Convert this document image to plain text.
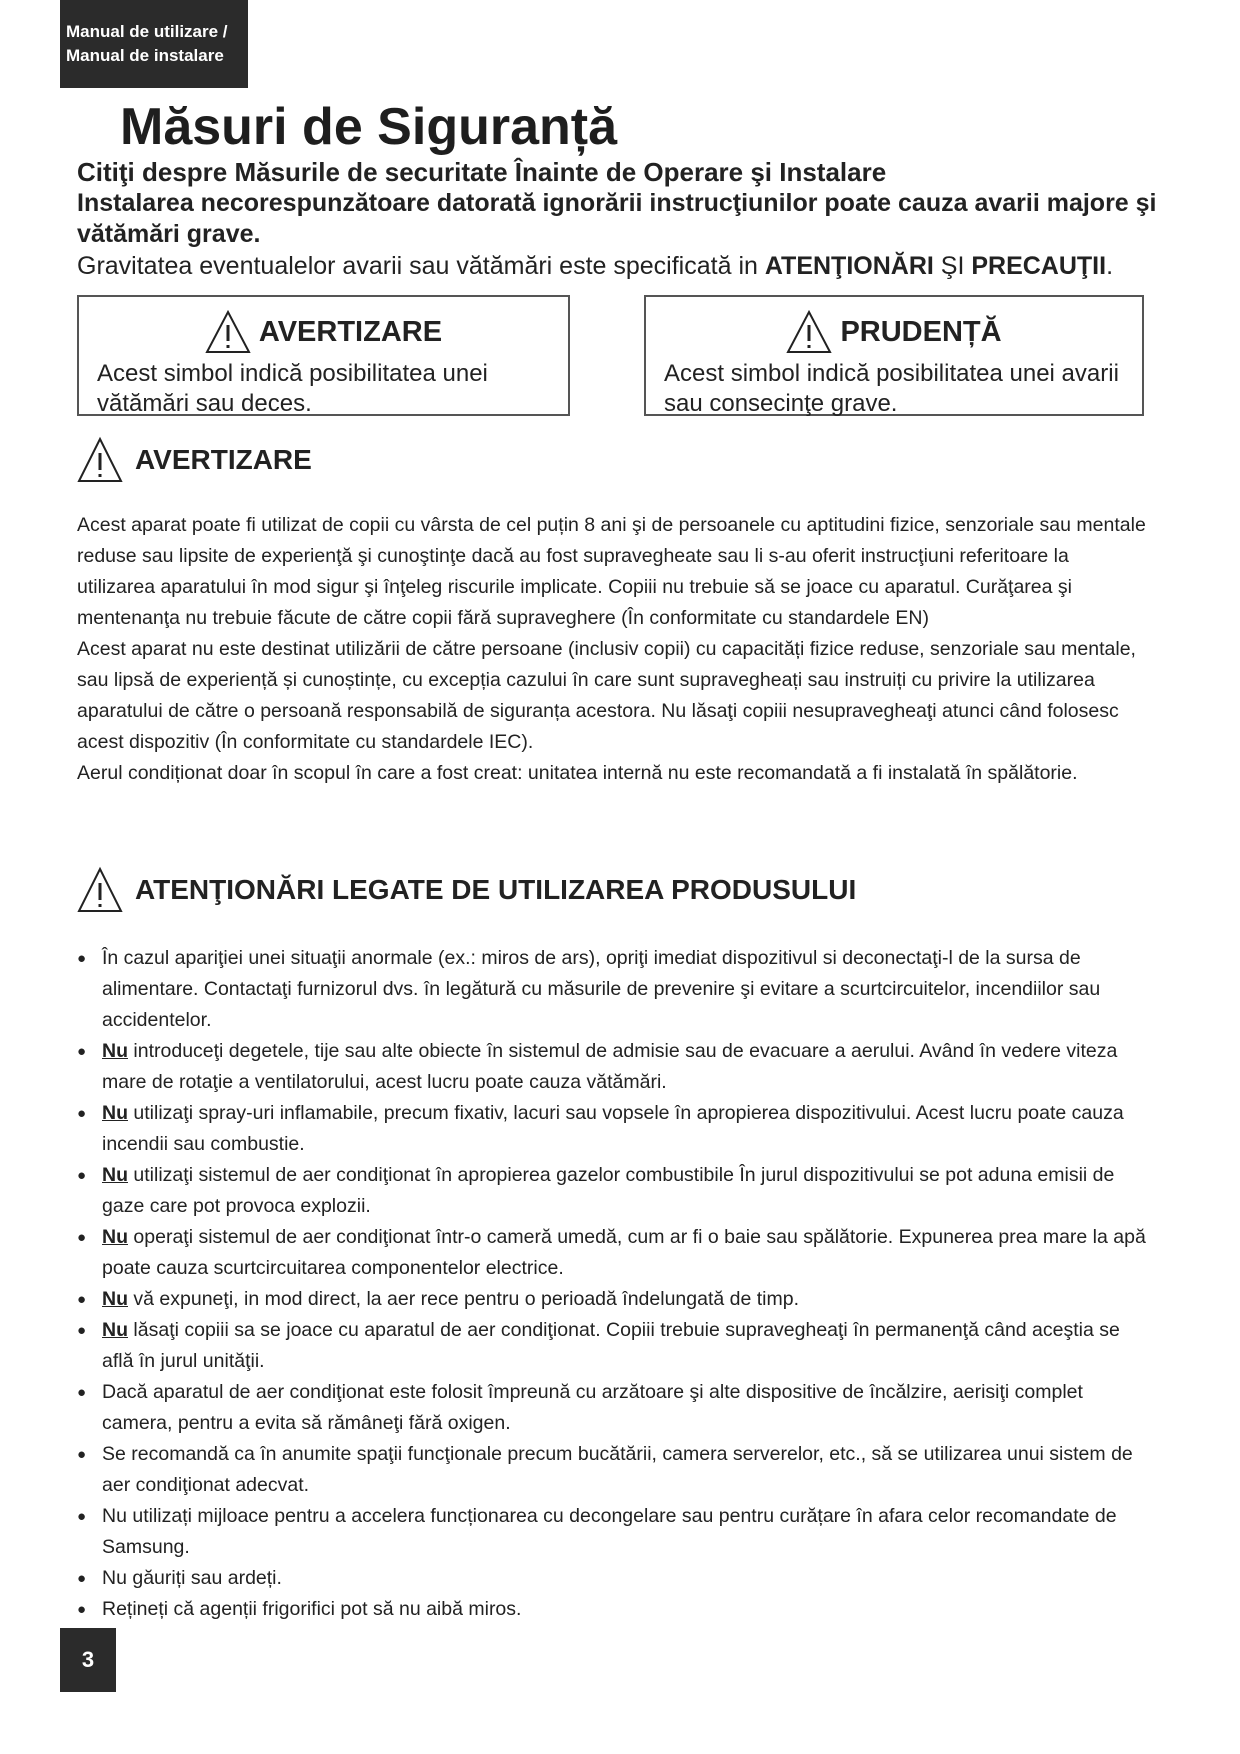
Manual de utilizare /
Manual de instalare
Măsuri de Siguranță
Citiţi despre Măsurile de securitate Înainte de Operare şi Instalare
Instalarea necorespunzătoare datorată ignorării instrucţiunilor poate cauza avarii majore şi vătămări grave.
Gravitatea eventualelor avarii sau vătămări este specificată in ATENŢIONĂRI ŞI PRECAUŢII.
AVERTIZARE
Acest simbol indică posibilitatea unei vătămări sau deces.
PRUDENȚĂ
Acest simbol indică posibilitatea unei avarii sau consecinţe grave.
AVERTIZARE

Acest aparat poate fi utilizat de copii cu vârsta de cel puțin 8 ani şi de persoanele cu aptitudini fizice, senzoriale sau mentale reduse sau lipsite de experienţă şi cunoştinţe dacă au fost supravegheate sau li s-au oferit instrucţiuni referitoare la utilizarea aparatului în mod sigur şi înţeleg riscurile implicate. Copiii nu trebuie să se joace cu aparatul. Curăţarea şi mentenanţa nu trebuie făcute de către copii fără supraveghere (În conformitate cu standardele EN)

Acest aparat nu este destinat utilizării de către persoane (inclusiv copii) cu capacități fizice reduse, senzoriale sau mentale, sau lipsă de experiență și cunoștințe, cu excepția cazului în care sunt supravegheați sau instruiți cu privire la utilizarea aparatului de către o persoană responsabilă de siguranța acestora. Nu lăsaţi copiii nesupravegheaţi atunci când folosesc acest dispozitiv (În conformitate cu standardele IEC).

Aerul condiționat doar în scopul în care a fost creat: unitatea internă nu este recomandată a fi instalată în spălătorie.

ATENŢIONĂRI LEGATE DE UTILIZAREA PRODUSULUI
● În cazul apariţiei unei situaţii anormale (ex.: miros de ars), opriţi imediat dispozitivul si deconectaţi-l de la sursa de alimentare. Contactaţi furnizorul dvs. în legătură cu măsurile de prevenire şi evitare a scurtcircuitelor, incendiilor sau accidentelor.
● Nu introduceţi degetele, tije sau alte obiecte în sistemul de admisie sau de evacuare a aerului. Având în vedere viteza mare de rotaţie a ventilatorului, acest lucru poate cauza vătămări.
● Nu utilizaţi spray-uri inflamabile, precum fixativ, lacuri sau vopsele în apropierea dispozitivului. Acest lucru poate cauza incendii sau combustie.
● Nu utilizaţi sistemul de aer condiţionat în apropierea gazelor combustibile În jurul dispozitivului se pot aduna emisii de gaze care pot provoca explozii.
● Nu operaţi sistemul de aer condiţionat într-o cameră umedă, cum ar fi o baie sau spălătorie. Expunerea prea mare la apă poate cauza scurtcircuitarea componentelor electrice.
● Nu vă expuneţi, in mod direct, la aer rece pentru o perioadă îndelungată de timp.
● Nu lăsaţi copiii sa se joace cu aparatul de aer condiţionat. Copiii trebuie supravegheaţi în permanenţă când aceştia se află în jurul unităţii.
● Dacă aparatul de aer condiţionat este folosit împreună cu arzătoare şi alte dispositive de încălzire, aerisiţi complet camera, pentru a evita să rămâneţi fără oxigen.
● Se recomandă ca în anumite spaţii funcţionale precum bucătării, camera serverelor, etc., să se utilizarea unui sistem de aer condiţionat adecvat.
● Nu utilizați mijloace pentru a accelera funcționarea cu decongelare sau pentru curățare în afara celor recomandate de Samsung.
● Nu găuriți sau ardeți.
● Rețineți că agenții frigorifici pot să nu aibă miros.
3
